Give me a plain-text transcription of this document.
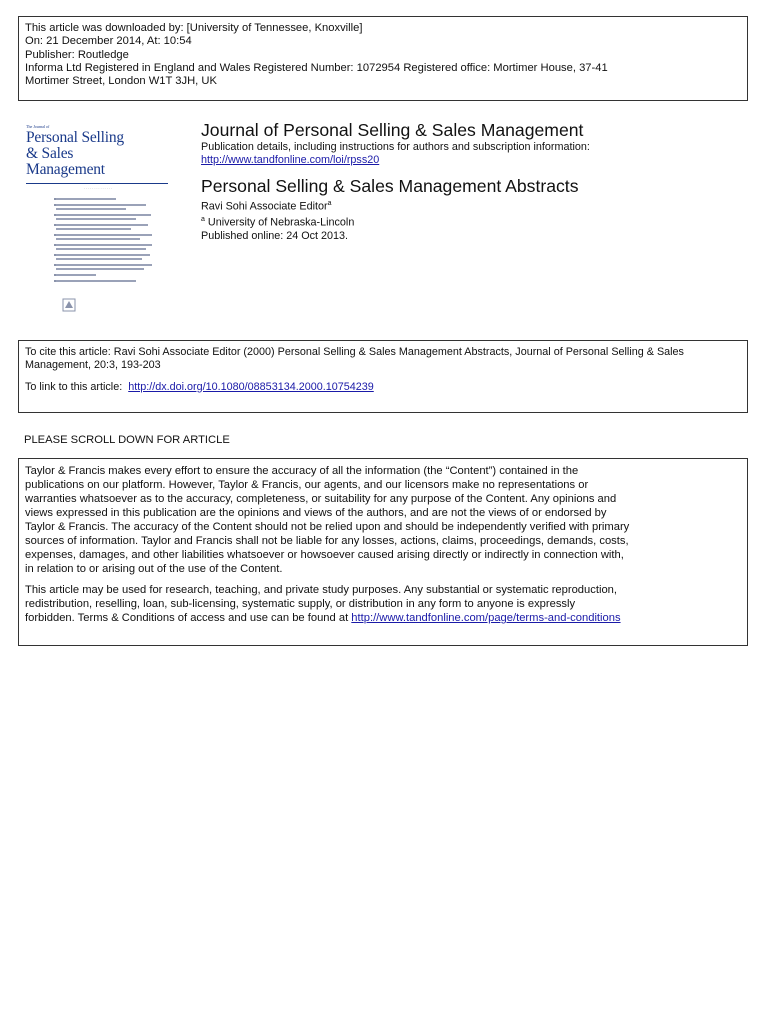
This article was downloaded by: [University of Tennessee, Knoxville]
On: 21 December 2014, At: 10:54
Publisher: Routledge
Informa Ltd Registered in England and Wales Registered Number: 1072954 Registered office: Mortimer House, 37-41
Mortimer Street, London W1T 3JH, UK
The Journal of
Personal Selling
& Sales
Management
· · · · · · · · · · · · · ·
Journal of Personal Selling & Sales Management
Publication details, including instructions for authors and subscription information:
http://www.tandfonline.com/loi/rpss20
Personal Selling & Sales Management Abstracts
Ravi Sohi Associate Editor$^a$
$^a$ University of Nebraska-Lincoln
Published online: 24 Oct 2013.
To cite this article: Ravi Sohi Associate Editor (2000) Personal Selling & Sales Management Abstracts, Journal of Personal Selling & Sales
Management, 20:3, 193-203
To link to this article:  http://dx.doi.org/10.1080/08853134.2000.10754239
PLEASE SCROLL DOWN FOR ARTICLE
Taylor & Francis makes every effort to ensure the accuracy of all the information (the “Content”) contained in the
publications on our platform. However, Taylor & Francis, our agents, and our licensors make no representations or
warranties whatsoever as to the accuracy, completeness, or suitability for any purpose of the Content. Any opinions and
views expressed in this publication are the opinions and views of the authors, and are not the views of or endorsed by
Taylor & Francis. The accuracy of the Content should not be relied upon and should be independently verified with primary
sources of information. Taylor and Francis shall not be liable for any losses, actions, claims, proceedings, demands, costs,
expenses, damages, and other liabilities whatsoever or howsoever caused arising directly or indirectly in connection with,
in relation to or arising out of the use of the Content.
This article may be used for research, teaching, and private study purposes. Any substantial or systematic reproduction,
redistribution, reselling, loan, sub-licensing, systematic supply, or distribution in any form to anyone is expressly
forbidden. Terms & Conditions of access and use can be found at http://www.tandfonline.com/page/terms-and-conditions
